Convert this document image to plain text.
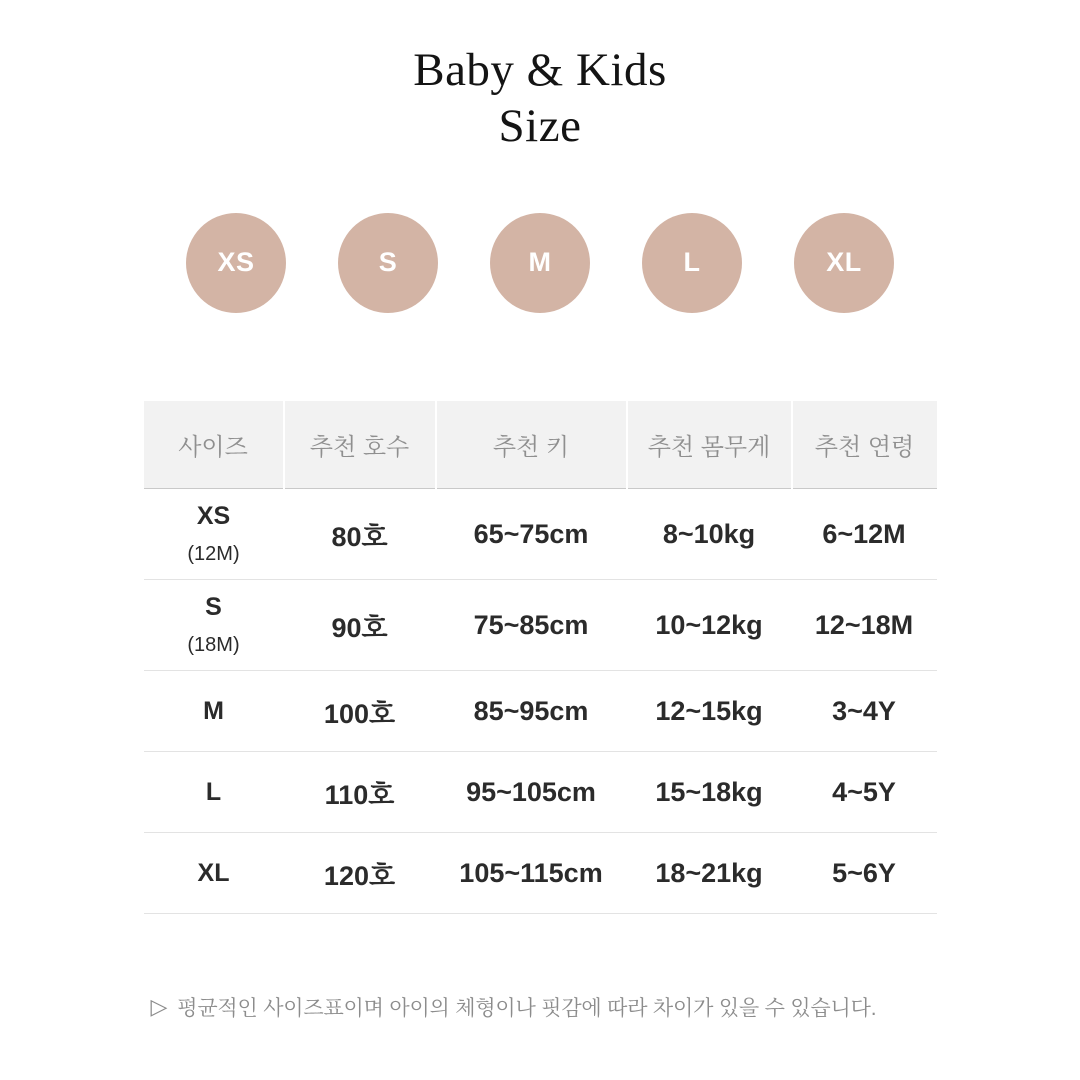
Baby & Kids
Size
XS	S	M	L	XL
사이즈	추천 호수	추천 키	추천 몸무게	추천 연령

XS
(12M)	80호	65~75cm	8~10kg	6~12M

S
(18M)	90호	75~85cm	10~12kg	12~18M

M	100호	85~95cm	12~15kg	3~4Y

L	110호	95~105cm	15~18kg	4~5Y

XL	120호	105~115cm	18~21kg	5~6Y
▷ 평균적인 사이즈표이며 아이의 체형이나 핏감에 따라 차이가 있을 수 있습니다.
